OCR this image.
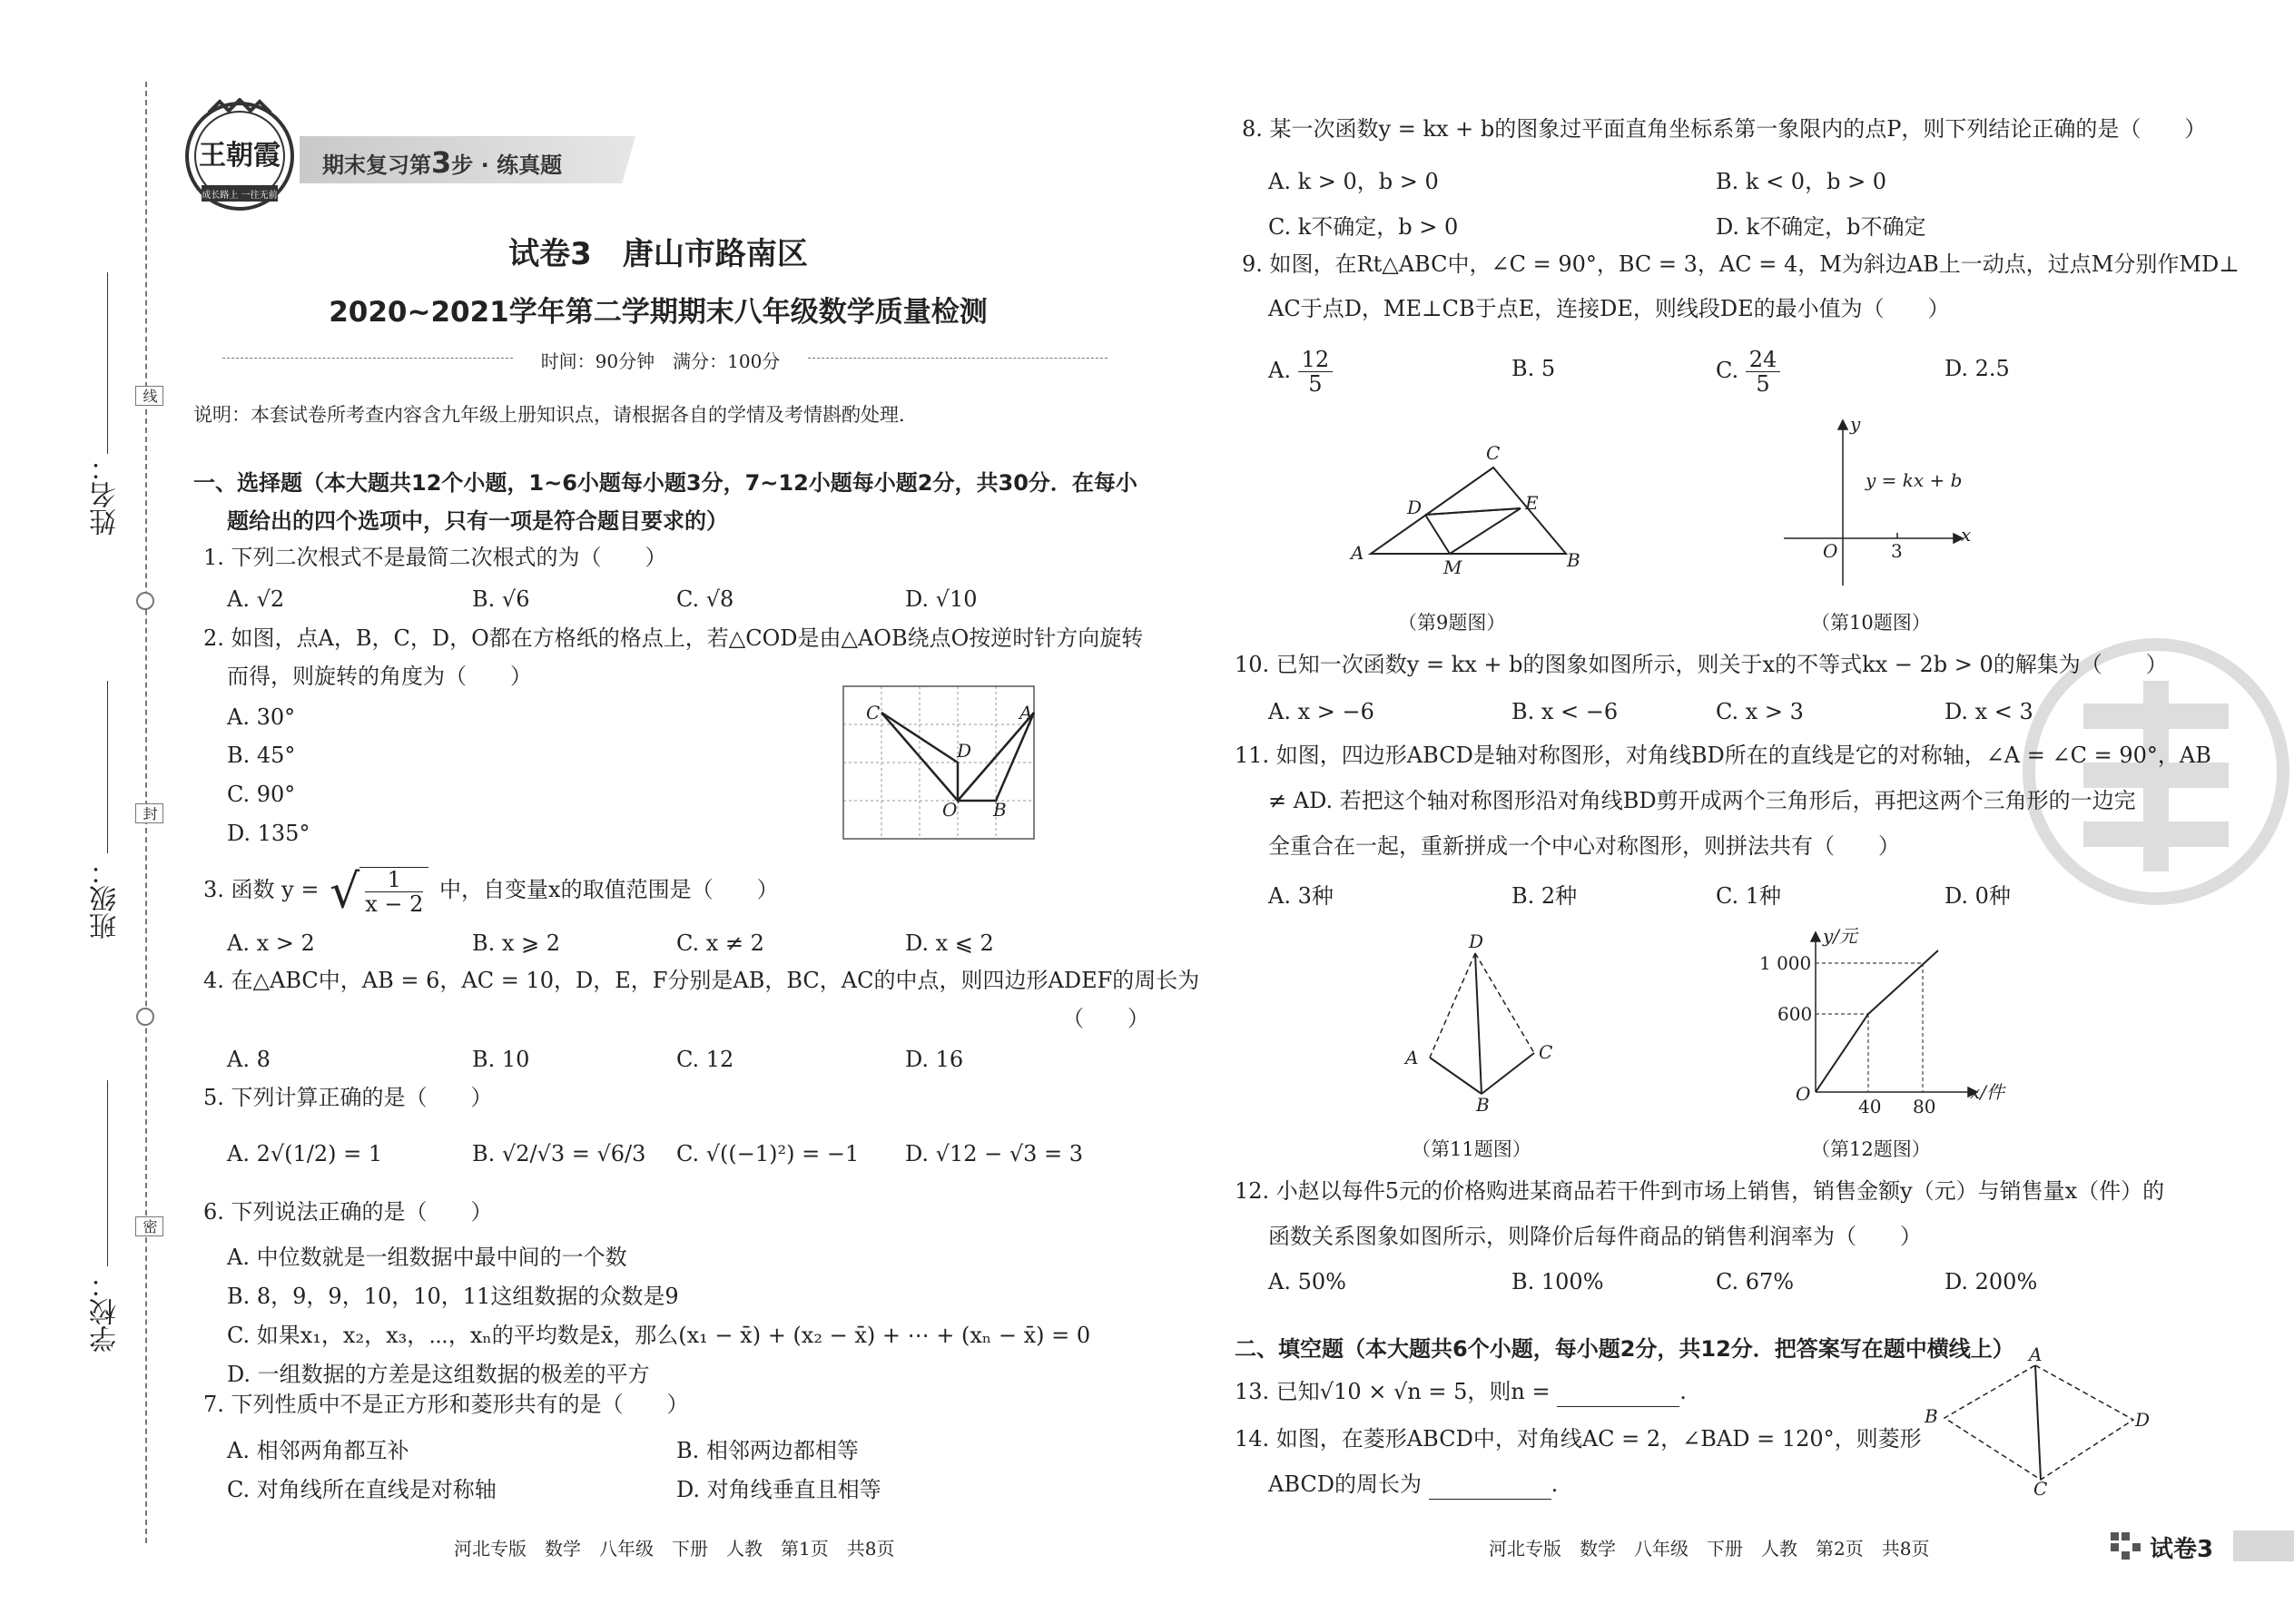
姓名：
班级：
学校：
线
封
密
王朝霞
成长路上 一往无前
期末复习第3步 · 练真题
试卷3　唐山市路南区
2020~2021学年第二学期期末八年级数学质量检测
时间：90分钟　满分：100分
说明：本套试卷所考查内容含九年级上册知识点，请根据各自的学情及考情斟酌处理．
一、选择题（本大题共12个小题，1~6小题每小题3分，7~12小题每小题2分，共30分．在每小
题给出的四个选项中，只有一项是符合题目要求的）
1. 下列二次根式不是最简二次根式的为（　　）
A. √2	B. √6	C. √8	D. √10
2. 如图，点A，B，C，D，O都在方格纸的格点上，若△COD是由△AOB绕点O按逆时针方向旋转
而得，则旋转的角度为（　　）
A. 30°
B. 45°
C. 90°
D. 135°
C	A
D
O B
3. 函数 y = √ $\frac{1}{x - 2}$ 中，自变量x的取值范围是（　　）
A. x > 2	B. x ⩾ 2	C. x ≠ 2	D. x ⩽ 2
4. 在△ABC中，AB = 6，AC = 10，D，E，F分别是AB，BC，AC的中点，则四边形ADEF的周长为
（　　）
A. 8	B. 10	C. 12	D. 16
5. 下列计算正确的是（　　）
A. 2√(1/2) = 1	B. √2/√3 = √6/3 C. √((−1)²) = −1 D. √12 − √3 = 3
6. 下列说法正确的是（　　）
A. 中位数就是一组数据中最中间的一个数
B. 8，9，9，10，10，11这组数据的众数是9
C. 如果x₁，x₂，x₃，⋯，xₙ的平均数是x̄，那么(x₁ − x̄) + (x₂ − x̄) + ⋯ + (xₙ − x̄) = 0
D. 一组数据的方差是这组数据的极差的平方
7. 下列性质中不是正方形和菱形共有的是（　　）
A. 相邻两角都互补	B. 相邻两边都相等
C. 对角线所在直线是对称轴	D. 对角线垂直且相等
河北专版　数学　八年级　下册　人教　第1页　共8页
8. 某一次函数y = kx + b的图象过平面直角坐标系第一象限内的点P，则下列结论正确的是（　　）
A. k > 0，b > 0	B. k < 0，b > 0
C. k不确定，b > 0	D. k不确定，b不确定
9. 如图，在Rt△ABC中，∠C = 90°，BC = 3，AC = 4，M为斜边AB上一动点，过点M分别作MD⊥
AC于点D，ME⊥CB于点E，连接DE，则线段DE的最小值为（　　）
A. $\frac{12}{5}$	B. 5	C. $\frac{24}{5}$	D. 2.5
A	B
C
D	E
M
（第9题图）
y
x
O	3
y = kx + b
（第10题图）
10. 已知一次函数y = kx + b的图象如图所示，则关于x的不等式kx − 2b > 0的解集为（　　）
A. x > −6	B. x < −6	C. x > 3	D. x < 3
11. 如图，四边形ABCD是轴对称图形，对角线BD所在的直线是它的对称轴，∠A = ∠C = 90°，AB
≠ AD. 若把这个轴对称图形沿对角线BD剪开成两个三角形后，再把这两个三角形的一边完
全重合在一起，重新拼成一个中心对称图形，则拼法共有（　　）
A. 3种	B. 2种	C. 1种	D. 0种
D
A	C
B
（第11题图）
y/元
x/件
O
1 000
600
40 80
（第12题图）
12. 小赵以每件5元的价格购进某商品若干件到市场上销售，销售金额y（元）与销售量x（件）的
函数关系图象如图所示，则降价后每件商品的销售利润率为（　　）
A. 50%	B. 100%	C. 67%	D. 200%
二、填空题（本大题共6个小题，每小题2分，共12分．把答案写在题中横线上）
13. 已知√10 × √n = 5，则n =	.
14. 如图，在菱形ABCD中，对角线AC = 2，∠BAD = 120°，则菱形
ABCD的周长为	.
A
B
C
D
河北专版　数学　八年级　下册　人教　第2页　共8页	试卷3
